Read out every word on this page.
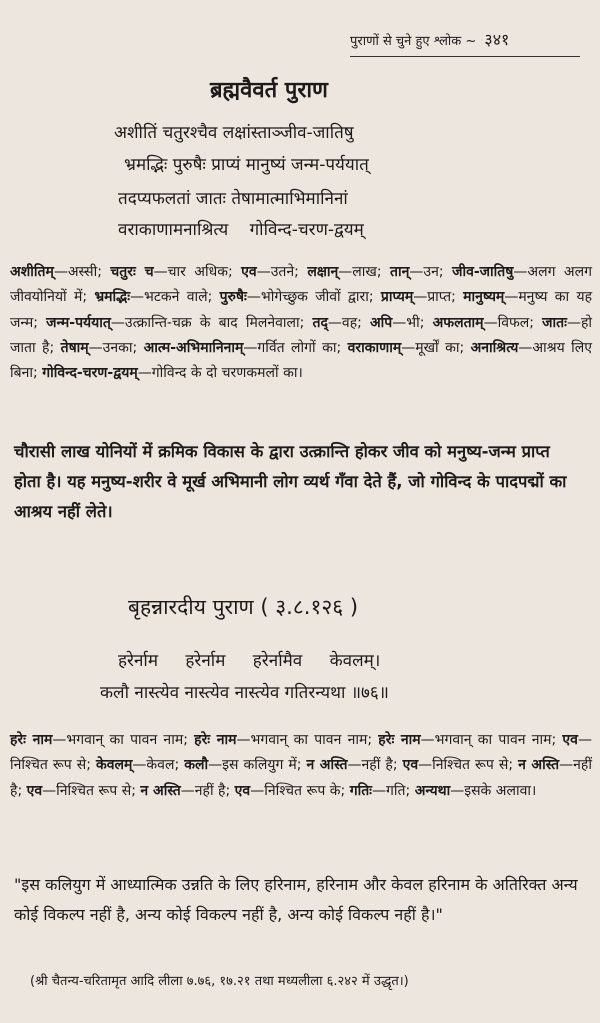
पुराणों से चुने हुए श्लोक ~ ३४१
ब्रह्मवैवर्त पुराण
अशीतिं चतुरश्चैव लक्षांस्ताञ्जीव-जातिषु
भ्रमद्भिः पुरुषैः प्राप्यं मानुष्यं जन्म-पर्ययात्
तदप्यफलतां जातः तेषामात्माभिमानिनां
वराकाणामनाश्रित्य गोविन्द-चरण-द्वयम्
अशीतिम्—अस्सी; चतुरः च—चार अधिक; एव—उतने; लक्षान्—लाख; तान्—उन; जीव-जातिषु—अलग अलग जीवयोनियों में; भ्रमद्भिः—भटकने वाले; पुरुषैः—भोगेच्छुक जीवों द्वारा; प्राप्यम्—प्राप्त; मानुष्यम्—मनुष्य का यह जन्म; जन्म-पर्ययात्—उत्क्रान्ति-चक्र के बाद मिलनेवाला; तद्—वह; अपि—भी; अफलताम्—विफल; जातः—हो जाता है; तेषाम्—उनका; आत्म-अभिमानिनाम्—गर्वित लोगों का; वराकाणाम्—मूर्खों का; अनाश्रित्य—आश्रय लिए बिना; गोविन्द-चरण-द्वयम्—गोविन्द के दो चरणकमलों का।
चौरासी लाख योनियों में क्रमिक विकास के द्वारा उत्क्रान्ति होकर जीव को मनुष्य-जन्म प्राप्त होता है। यह मनुष्य-शरीर वे मूर्ख अभिमानी लोग व्यर्थ गँवा देते हैं, जो गोविन्द के पादपद्मों का आश्रय नहीं लेते।
बृहन्नारदीय पुराण ( ३.८.१२६ )
हरेर्नाम हरेर्नाम हरेर्नामैव केवलम्।
कलौ नास्त्येव नास्त्येव नास्त्येव गतिरन्यथा ॥७६॥
हरेः नाम—भगवान् का पावन नाम; हरेः नाम—भगवान् का पावन नाम; हरेः नाम—भगवान् का पावन नाम; एव—निश्चित रूप से; केवलम्—केवल; कलौ—इस कलियुग में; न अस्ति—नहीं है; एव—निश्चित रूप से; न अस्ति—नहीं है; एव—निश्चित रूप से; न अस्ति—नहीं है; एव—निश्चित रूप के; गतिः—गति; अन्यथा—इसके अलावा।
"इस कलियुग में आध्यात्मिक उन्नति के लिए हरिनाम, हरिनाम और केवल हरिनाम के अतिरिक्त अन्य कोई विकल्प नहीं है, अन्य कोई विकल्प नहीं है, अन्य कोई विकल्प नहीं है।"
(श्री चैतन्य-चरितामृत आदि लीला ७.७६, १७.२१ तथा मध्यलीला ६.२४२ में उद्धृत।)
